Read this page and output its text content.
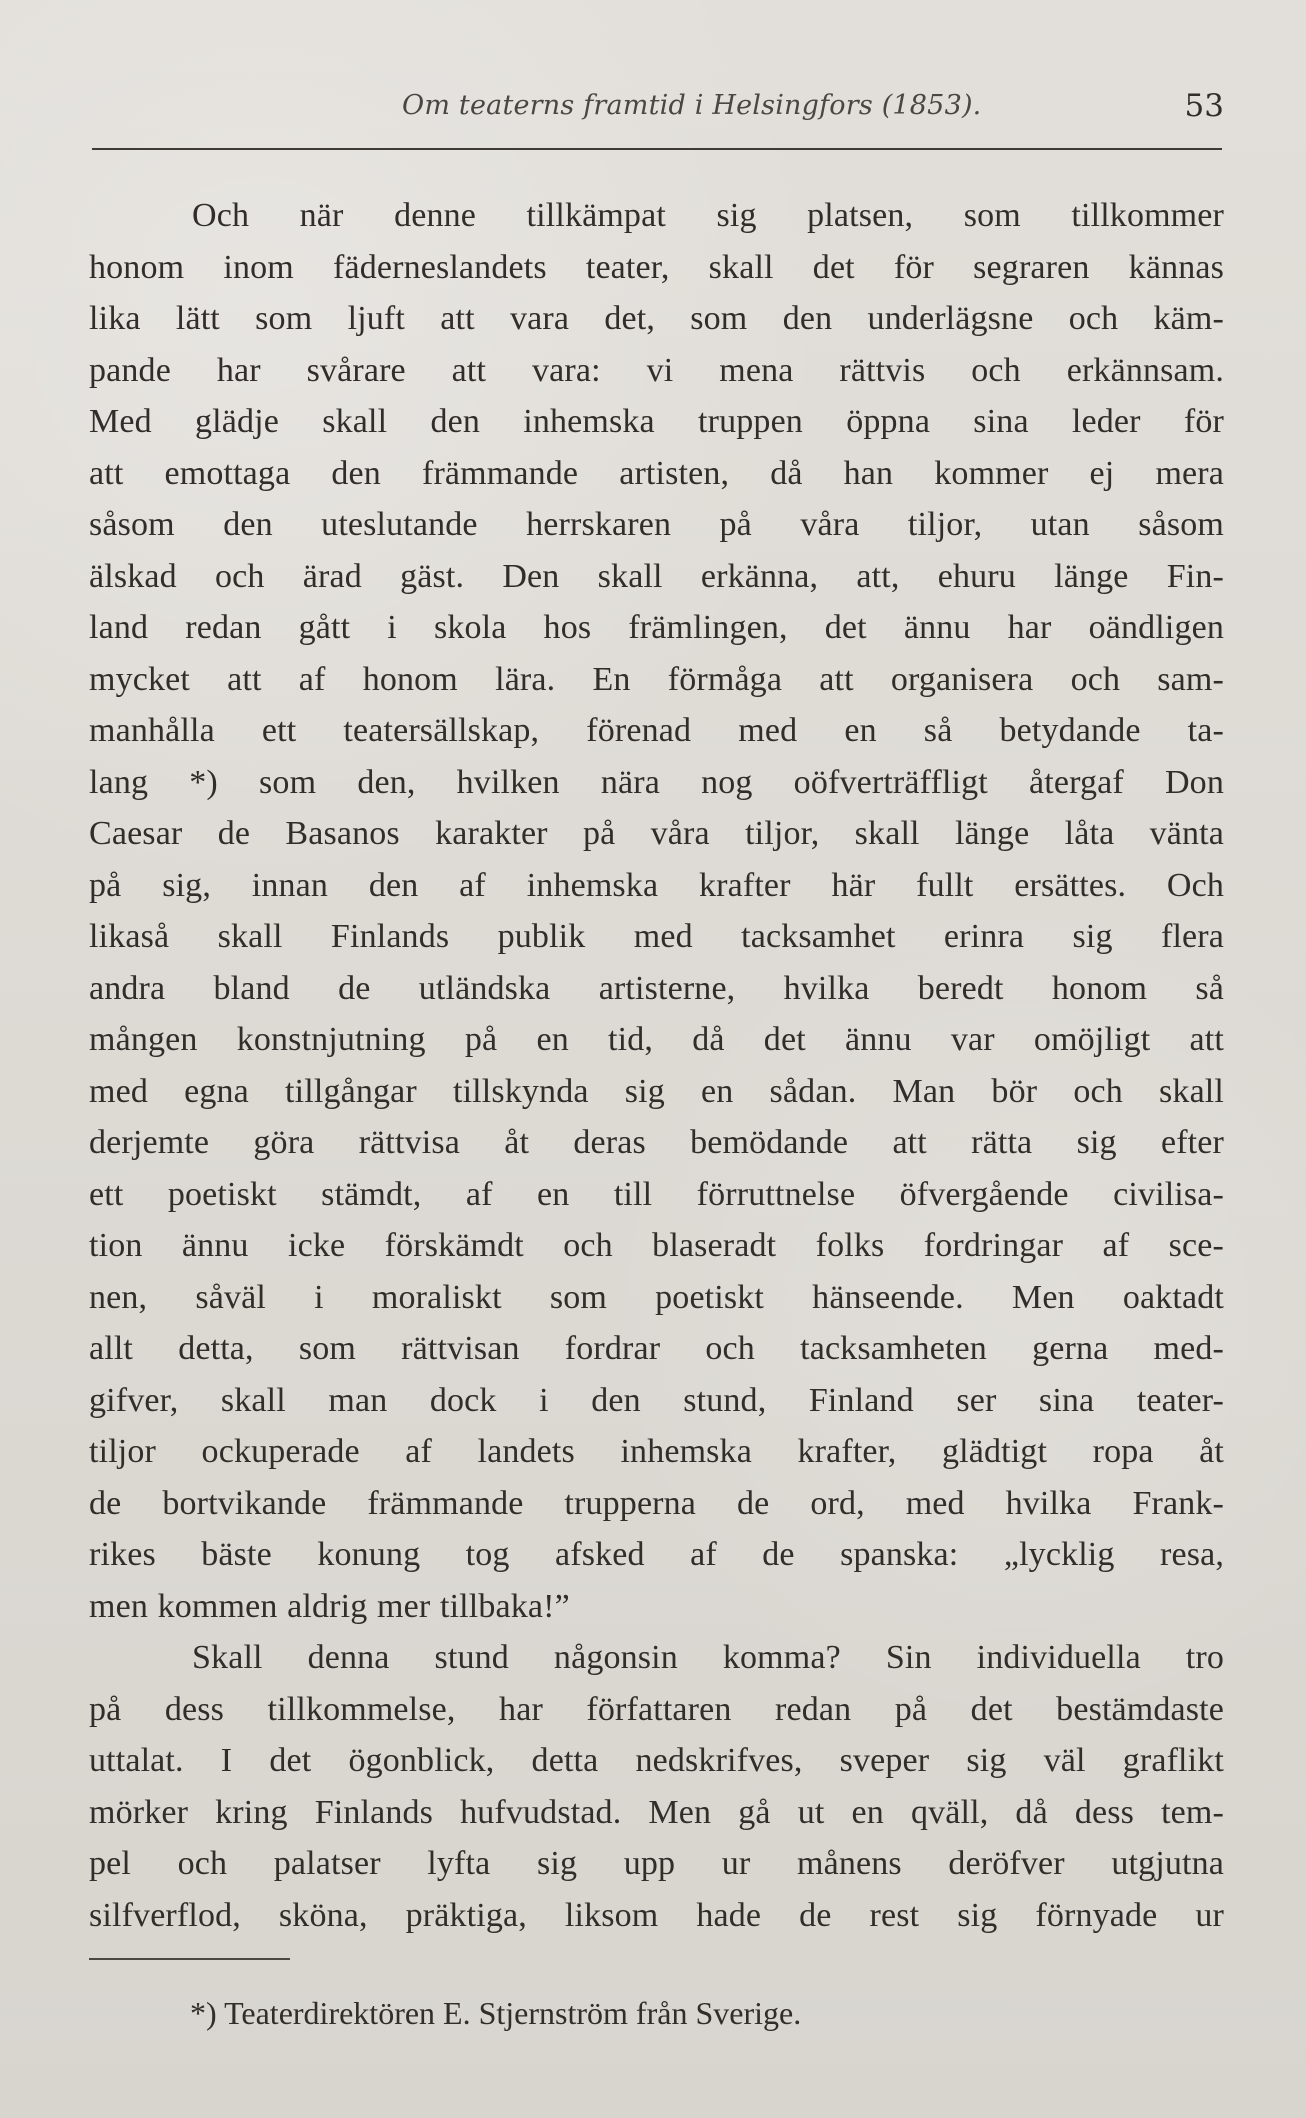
Om teaterns framtid i Helsingfors (1853).	53
Och när denne tillkämpat sig platsen, som tillkommer
honom inom fäderneslandets teater, skall det för segraren kännas
lika lätt som ljuft att vara det, som den underlägsne och käm-
pande har svårare att vara: vi mena rättvis och erkännsam.
Med glädje skall den inhemska truppen öppna sina leder för
att emottaga den främmande artisten, då han kommer ej mera
såsom den uteslutande herrskaren på våra tiljor, utan såsom
älskad och ärad gäst. Den skall erkänna, att, ehuru länge Fin-
land redan gått i skola hos främlingen, det ännu har oändligen
mycket att af honom lära. En förmåga att organisera och sam-
manhålla ett teatersällskap, förenad med en så betydande ta-
lang *) som den, hvilken nära nog oöfverträffligt återgaf Don
Caesar de Basanos karakter på våra tiljor, skall länge låta vänta
på sig, innan den af inhemska krafter här fullt ersättes. Och
likaså skall Finlands publik med tacksamhet erinra sig flera
andra bland de utländska artisterne, hvilka beredt honom så
mången konstnjutning på en tid, då det ännu var omöjligt att
med egna tillgångar tillskynda sig en sådan. Man bör och skall
derjemte göra rättvisa åt deras bemödande att rätta sig efter
ett poetiskt stämdt, af en till förruttnelse öfvergående civilisa-
tion ännu icke förskämdt och blaseradt folks fordringar af sce-
nen, såväl i moraliskt som poetiskt hänseende. Men oaktadt
allt detta, som rättvisan fordrar och tacksamheten gerna med-
gifver, skall man dock i den stund, Finland ser sina teater-
tiljor ockuperade af landets inhemska krafter, glädtigt ropa åt
de bortvikande främmande trupperna de ord, med hvilka Frank-
rikes bäste konung tog afsked af de spanska: „lycklig resa,
men kommen aldrig mer tillbaka!”
Skall denna stund någonsin komma? Sin individuella tro
på dess tillkommelse, har författaren redan på det bestämdaste
uttalat. I det ögonblick, detta nedskrifves, sveper sig väl graflikt
mörker kring Finlands hufvudstad. Men gå ut en qväll, då dess tem-
pel och palatser lyfta sig upp ur månens deröfver utgjutna
silfverflod, sköna, präktiga, liksom hade de rest sig förnyade ur
*) Teaterdirektören E. Stjernström från Sverige.
